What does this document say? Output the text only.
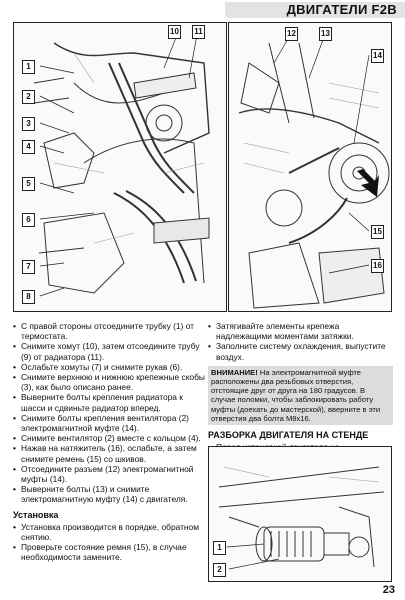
ДВИГАТЕЛИ F2B
10 11
1
2
3
4
5
6
7
8
12	13
14
15
16

• С правой стороны отсоедините трубку (1) от термостата.

• Снимите хомут (10), затем отсоедините трубу (9) от радиатора (11).

• Ослабьте хомуты (7) и снимите рукав (6).

• Снимите верхнюю и нижнюю крепежные скобы (3), как было описано ранее.

• Выверните болты крепления радиатора к шасси и сдвиньте радиатор вперед.

• Снимите болты крепления вентилятора (2) электромагнитной муфте (14).

• Снимите вентилятор (2) вместе с кольцом (4).

• Нажав на натяжитель (16), ослабьте, а затем снимите ремень (15) со шкивов.

• Отсоедините разъем (12) электромагнитной муфты (14).

• Выверните болты (13) и снимите электромагнитную муфту (14) с двигателя.

Установка

• Установка производится в порядке, обратном снятию.

• Проверьте состояние ремня (15), в случае необходимости замените.

• Затягивайте элементы крепежа надлежащими моментами затяжки.

• Заполните систему охлаждения, выпустите воздух.

ВНИМАНИЕ! На электромагнитной муфте расположены два резьбовых отверстия, отстоящие друг от друга на 180 градусов. В случае поломки, чтобы заблокировать работу муфты (доехать до мастерской), вверните в эти отверстия два болта М8х16.
РАЗБОРКА ДВИГАТЕЛЯ НА СТЕНДЕ

•

1
2
23
